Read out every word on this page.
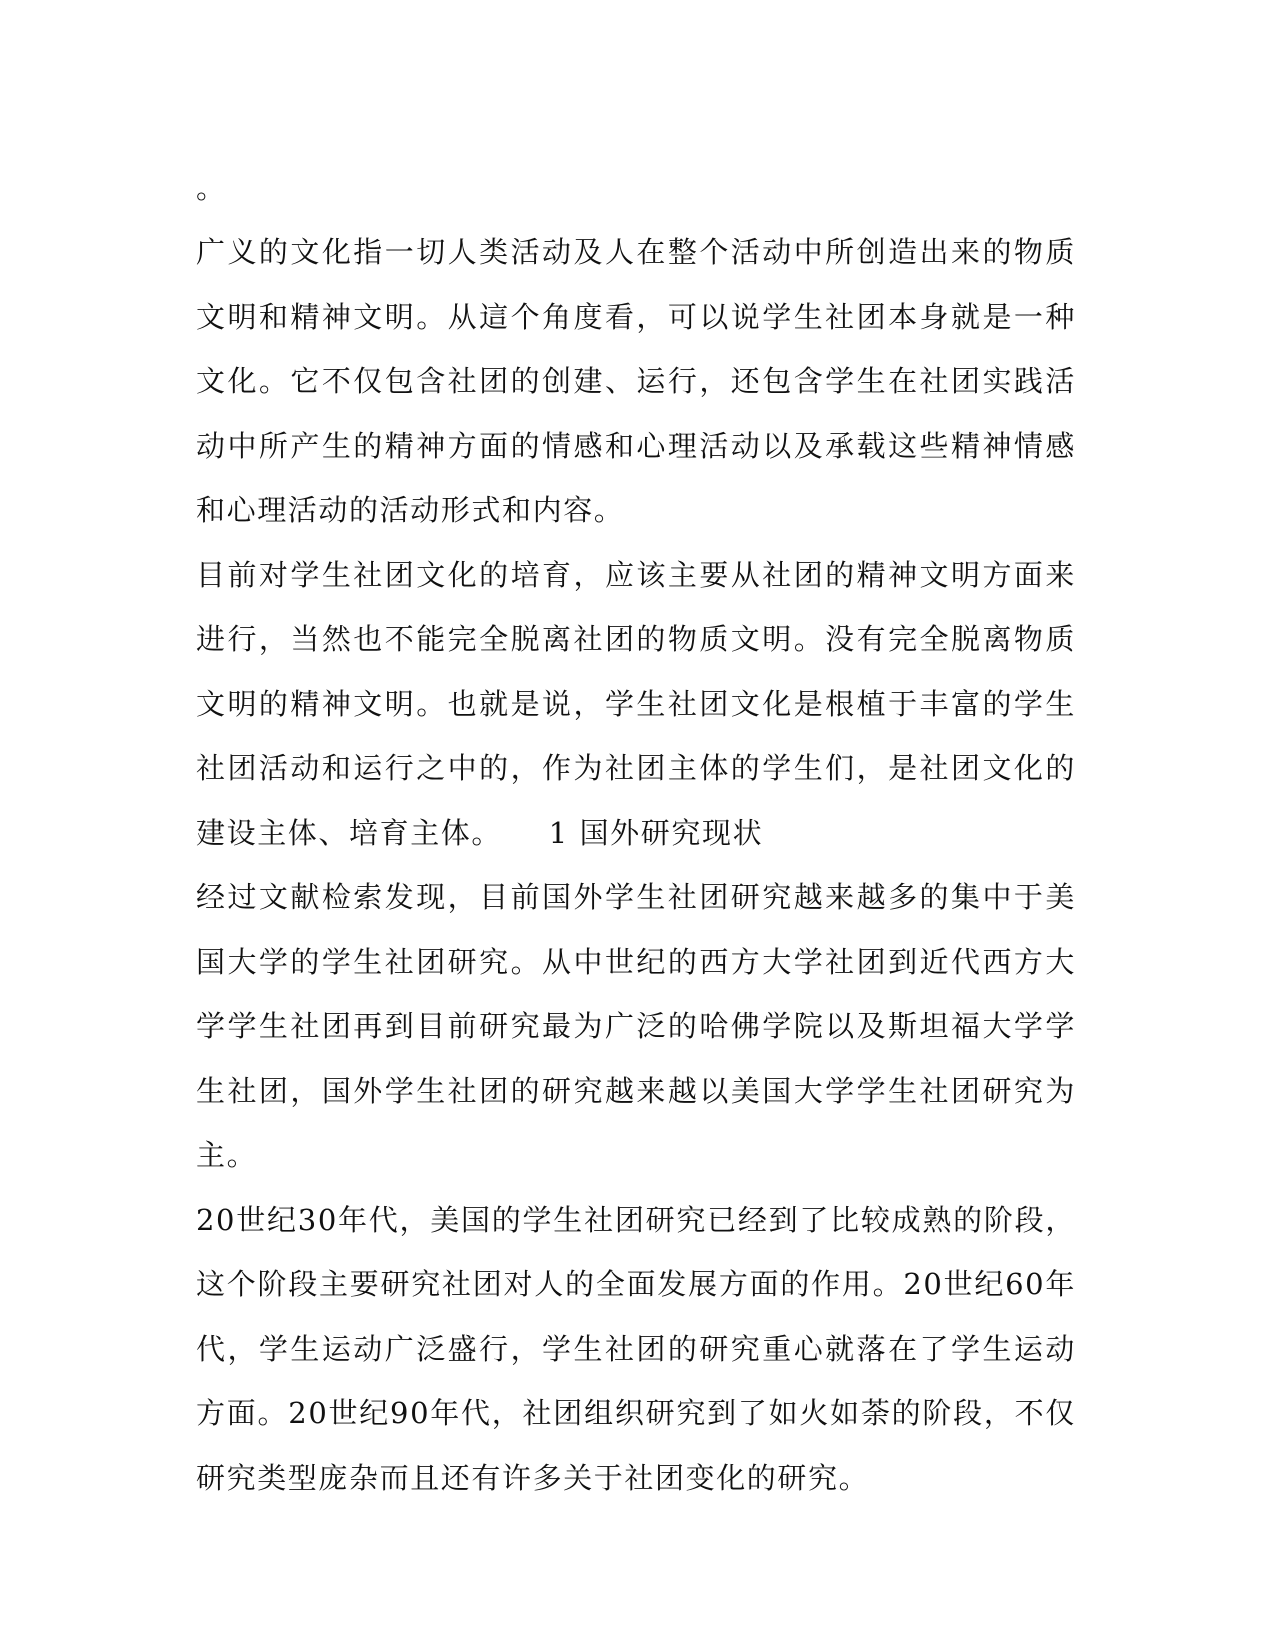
。

广义的文化指一切人类活动及人在整个活动中所创造出来的物质文明和精神文明。从這个角度看，可以说学生社团本身就是一种文化。它不仅包含社团的创建、运行，还包含学生在社团实践活动中所产生的精神方面的情感和心理活动以及承载这些精神情感和心理活动的活动形式和内容。

目前对学生社团文化的培育，应该主要从社团的精神文明方面来进行，当然也不能完全脱离社团的物质文明。没有完全脱离物质文明的精神文明。也就是说，学生社团文化是根植于丰富的学生社团活动和运行之中的，作为社团主体的学生们，是社团文化的建设主体、培育主体。　　1 国外研究现状

经过文献检索发现，目前国外学生社团研究越来越多的集中于美国大学的学生社团研究。从中世纪的西方大学社团到近代西方大学学生社团再到目前研究最为广泛的哈佛学院以及斯坦福大学学生社团，国外学生社团的研究越来越以美国大学学生社团研究为主。

20世纪30年代，美国的学生社团研究已经到了比较成熟的阶段，这个阶段主要研究社团对人的全面发展方面的作用。20世纪60年代，学生运动广泛盛行，学生社团的研究重心就落在了学生运动方面。20世纪90年代，社团组织研究到了如火如荼的阶段，不仅研究类型庞杂而且还有许多关于社团变化的研究。
